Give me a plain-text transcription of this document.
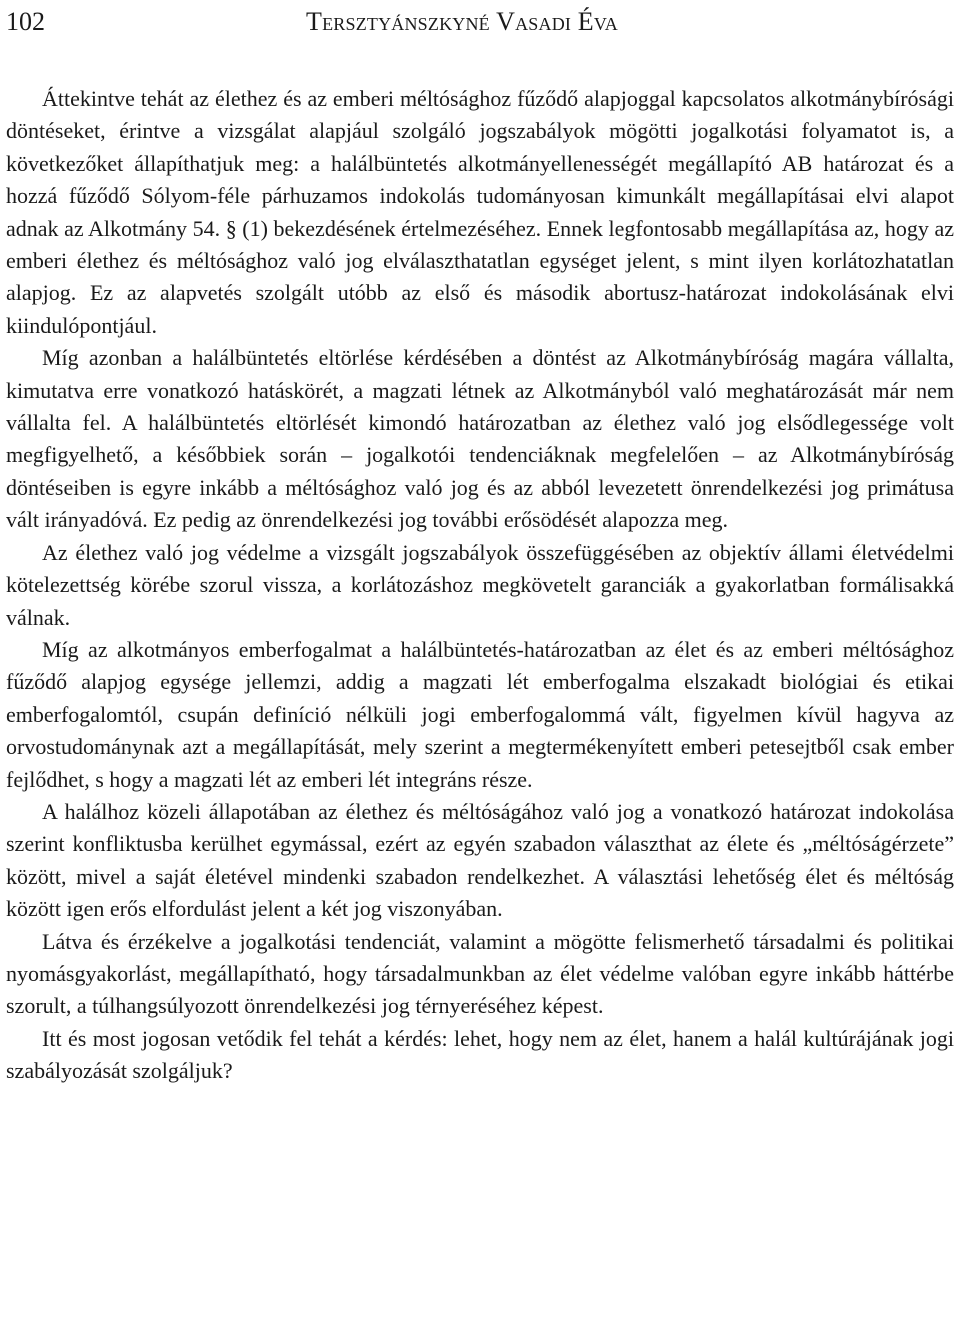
102	Tersztyánszkyné Vasadi Éva

Áttekintve tehát az élethez és az emberi méltósághoz fűződő alapjoggal kapcsolatos alkotmánybírósági döntéseket, érintve a vizsgálat alapjául szolgáló jogszabályok mögötti jogalkotási folyamatot is, a következőket állapíthatjuk meg: a halálbüntetés alkotmányellenességét megállapító AB határozat és a hozzá fűződő Sólyom-féle párhuzamos indokolás tudományosan kimunkált megállapításai elvi alapot adnak az Alkotmány 54. § (1) bekezdésének értelmezéséhez. Ennek legfontosabb megállapítása az, hogy az emberi élethez és méltósághoz való jog elválaszthatatlan egységet jelent, s mint ilyen korlátozhatatlan alapjog. Ez az alapvetés szolgált utóbb az első és második abortusz-határozat indokolásának elvi kiindulópontjául.

Míg azonban a halálbüntetés eltörlése kérdésében a döntést az Alkotmánybíróság magára vállalta, kimutatva erre vonatkozó hatáskörét, a magzati létnek az Alkotmányból való meghatározását már nem vállalta fel. A halálbüntetés eltörlését kimondó határozatban az élethez való jog elsődlegessége volt megfigyelhető, a későbbiek során – jogalkotói tendenciáknak megfelelően – az Alkotmánybíróság döntéseiben is egyre inkább a méltósághoz való jog és az abból levezetett önrendelkezési jog primátusa vált irányadóvá. Ez pedig az önrendelkezési jog további erősödését alapozza meg.

Az élethez való jog védelme a vizsgált jogszabályok összefüggésében az objektív állami életvédelmi kötelezettség körébe szorul vissza, a korlátozáshoz megkövetelt garanciák a gyakorlatban formálisakká válnak.

Míg az alkotmányos emberfogalmat a halálbüntetés-határozatban az élet és az emberi méltósághoz fűződő alapjog egysége jellemzi, addig a magzati lét emberfogalma elszakadt biológiai és etikai emberfogalomtól, csupán definíció nélküli jogi emberfogalommá vált, figyelmen kívül hagyva az orvostudománynak azt a megállapítását, mely szerint a megtermékenyített emberi petesejtből csak ember fejlődhet, s hogy a magzati lét az emberi lét integráns része.

A halálhoz közeli állapotában az élethez és méltóságához való jog a vonatkozó határozat indokolása szerint konfliktusba kerülhet egymással, ezért az egyén szabadon választhat az élete és „méltóságérzete” között, mivel a saját életével mindenki szabadon rendelkezhet. A választási lehetőség élet és méltóság között igen erős elfordulást jelent a két jog viszonyában.

Látva és érzékelve a jogalkotási tendenciát, valamint a mögötte felismerhető társadalmi és politikai nyomásgyakorlást, megállapítható, hogy társadalmunkban az élet védelme valóban egyre inkább háttérbe szorult, a túlhangsúlyozott önrendelkezési jog térnyeréséhez képest.

Itt és most jogosan vetődik fel tehát a kérdés: lehet, hogy nem az élet, hanem a halál kultúrájának jogi szabályozását szolgáljuk?
